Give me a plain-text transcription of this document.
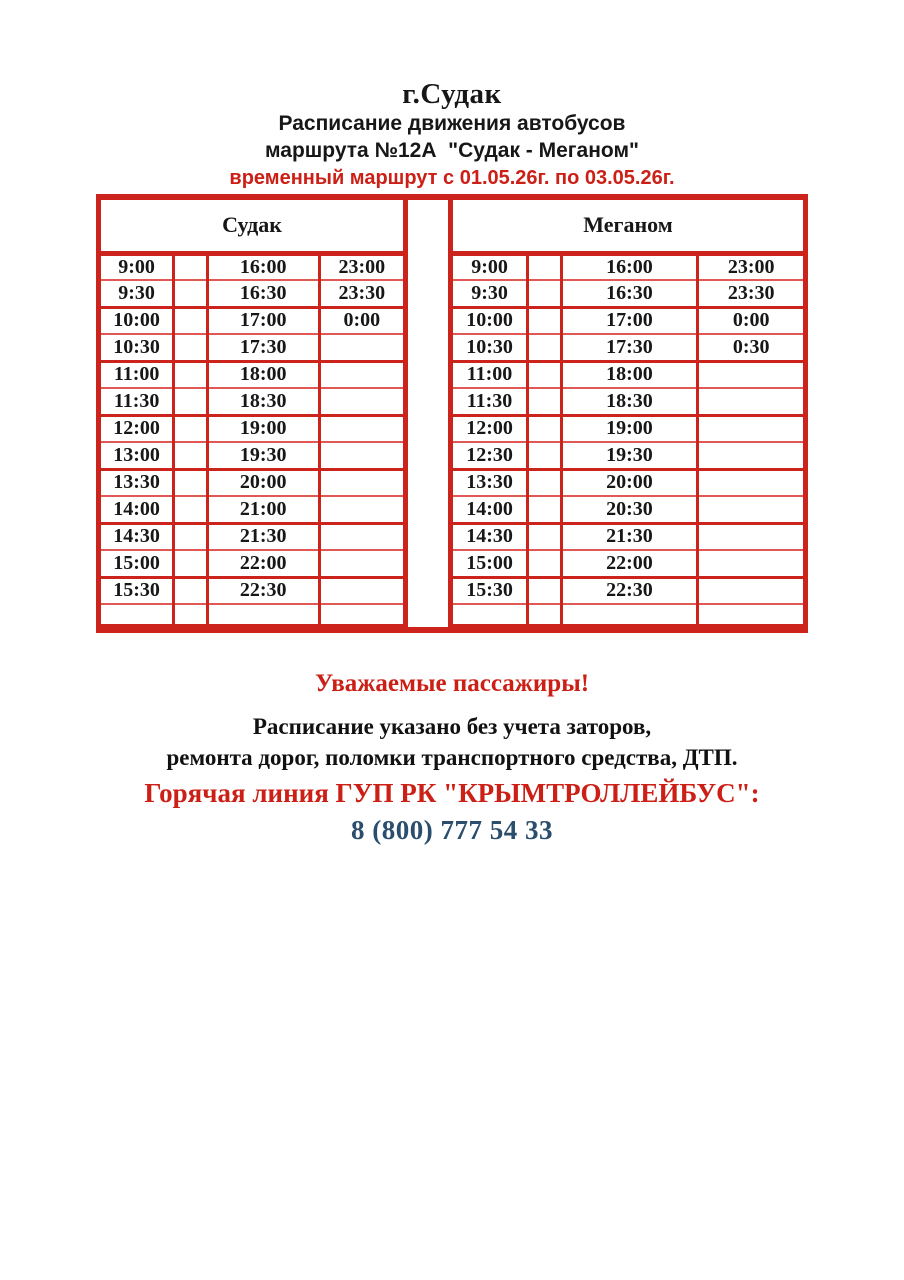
г.Судак
Расписание движения автобусов
маршрута №12А  "Судак - Меганом"
временный маршрут с 01.05.26г. по 03.05.26г.
Судак			
9:00		16:00	23:00
9:30		16:30	23:30
10:00		17:00	0:00
10:30		17:30	
11:00		18:00	
11:30		18:30	
12:00		19:00	
13:00		19:30	
13:30		20:00	
14:00		21:00	
14:30		21:30	
15:00		22:00	
15:30		22:30	

Меганом			
9:00		16:00	23:00
9:30		16:30	23:30
10:00		17:00	0:00
10:30		17:30	0:30
11:00		18:00	
11:30		18:30	
12:00		19:00	
12:30		19:30	
13:30		20:00	
14:00		20:30	
14:30		21:30	
15:00		22:00	
15:30		22:30	

Уважаемые пассажиры!
Расписание указано без учета заторов,
ремонта дорог, поломки транспортного средства, ДТП.
Горячая линия ГУП РК "КРЫМТРОЛЛЕЙБУС":
8 (800) 777 54 33
